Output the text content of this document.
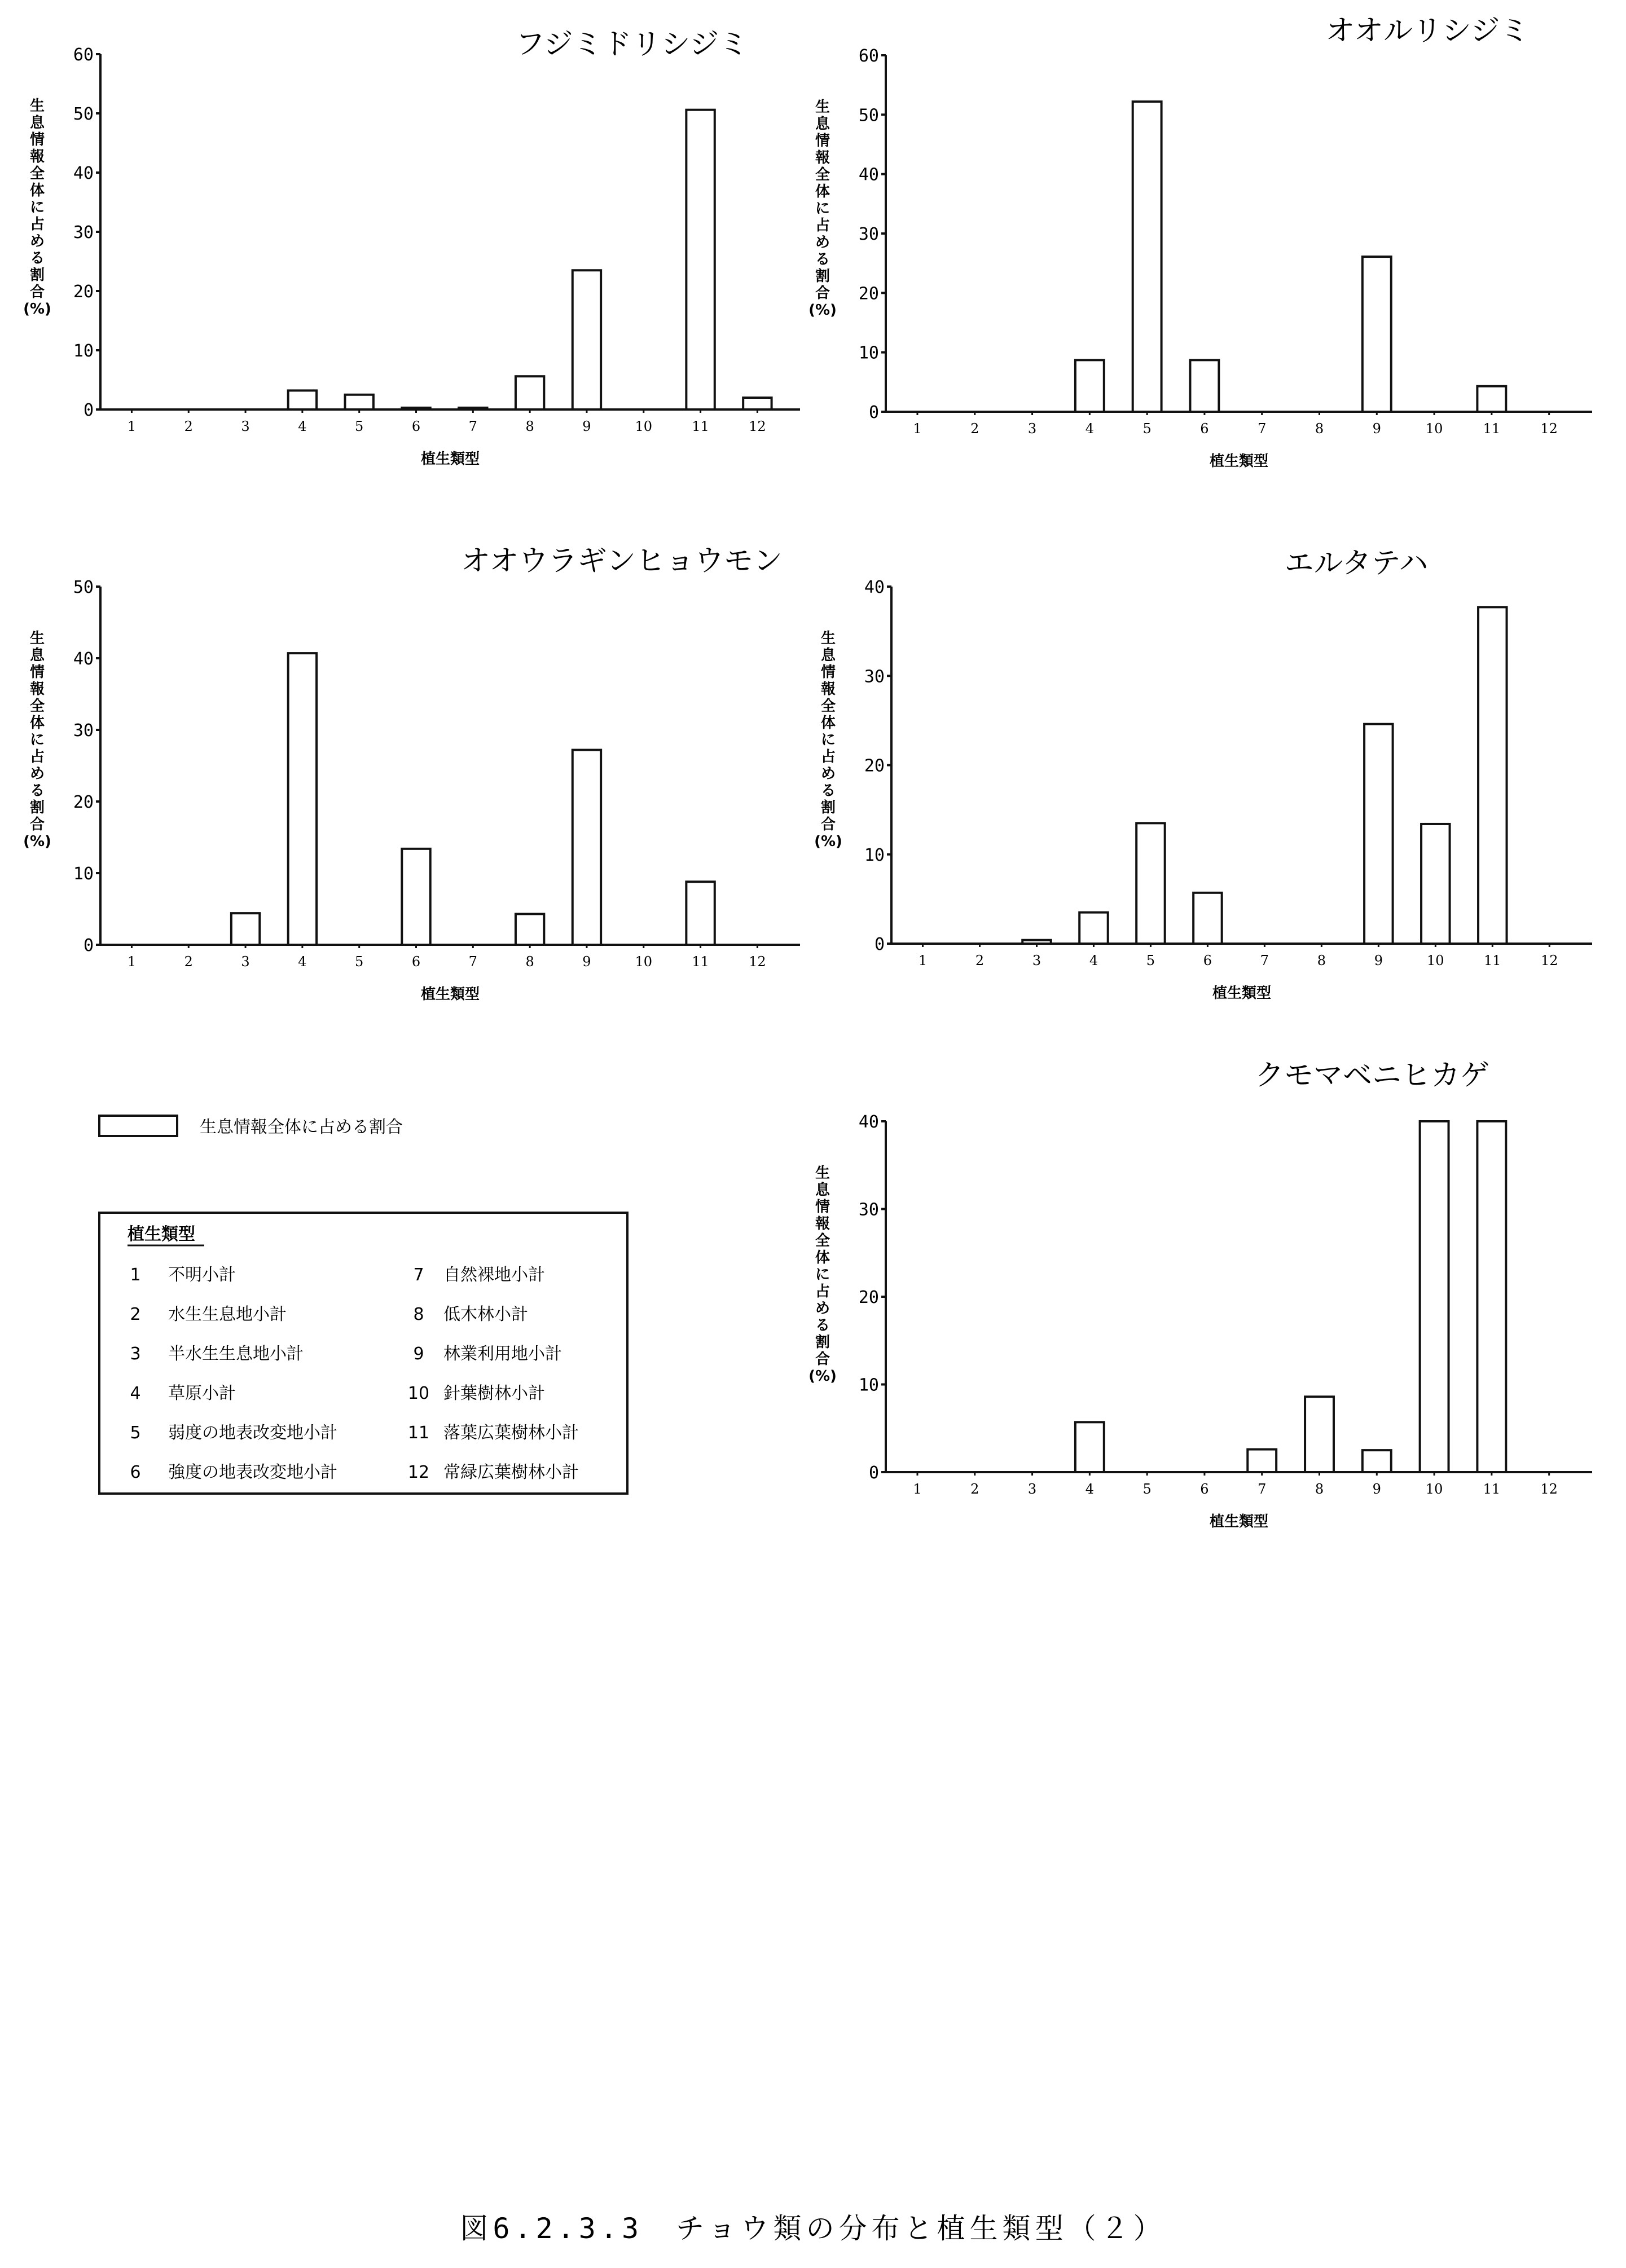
フジミドリシジミ
0
10
20
30
40
50
60
1	2	3	4	5	6	7	8	9	10	11	12
植生類型
生息情報全体に占める割合(%)
オオルリシジミ
0
10
20
30
40
50
60
1	2	3	4	5	6	7	8	9	10	11	12
植生類型
生息情報全体に占める割合(%)
オオウラギンヒョウモン
0
10
20
30
40
50
1	2	3	4	5	6	7	8	9	10	11	12
植生類型
生息情報全体に占める割合(%)
エルタテハ
0
10
20
30
40
1	2	3	4	5	6	7	8	9	10	11	12
植生類型
生息情報全体に占める割合(%)
クモマベニヒカゲ
0
10
20
30
40
1	2	3	4	5	6	7	8	9	10	11	12
植生類型
生息情報全体に占める割合(%)
生息情報全体に占める割合
植生類型
1 不明小計
2 水生生息地小計
3 半水生生息地小計
4 草原小計
5 弱度の地表改変地小計
6 強度の地表改変地小計
7 自然裸地小計
8 低木林小計
9 林業利用地小計
10 針葉樹林小計
11 落葉広葉樹林小計
12 常緑広葉樹林小計
図6.2.3.3　チョウ類の分布と植生類型（２）
